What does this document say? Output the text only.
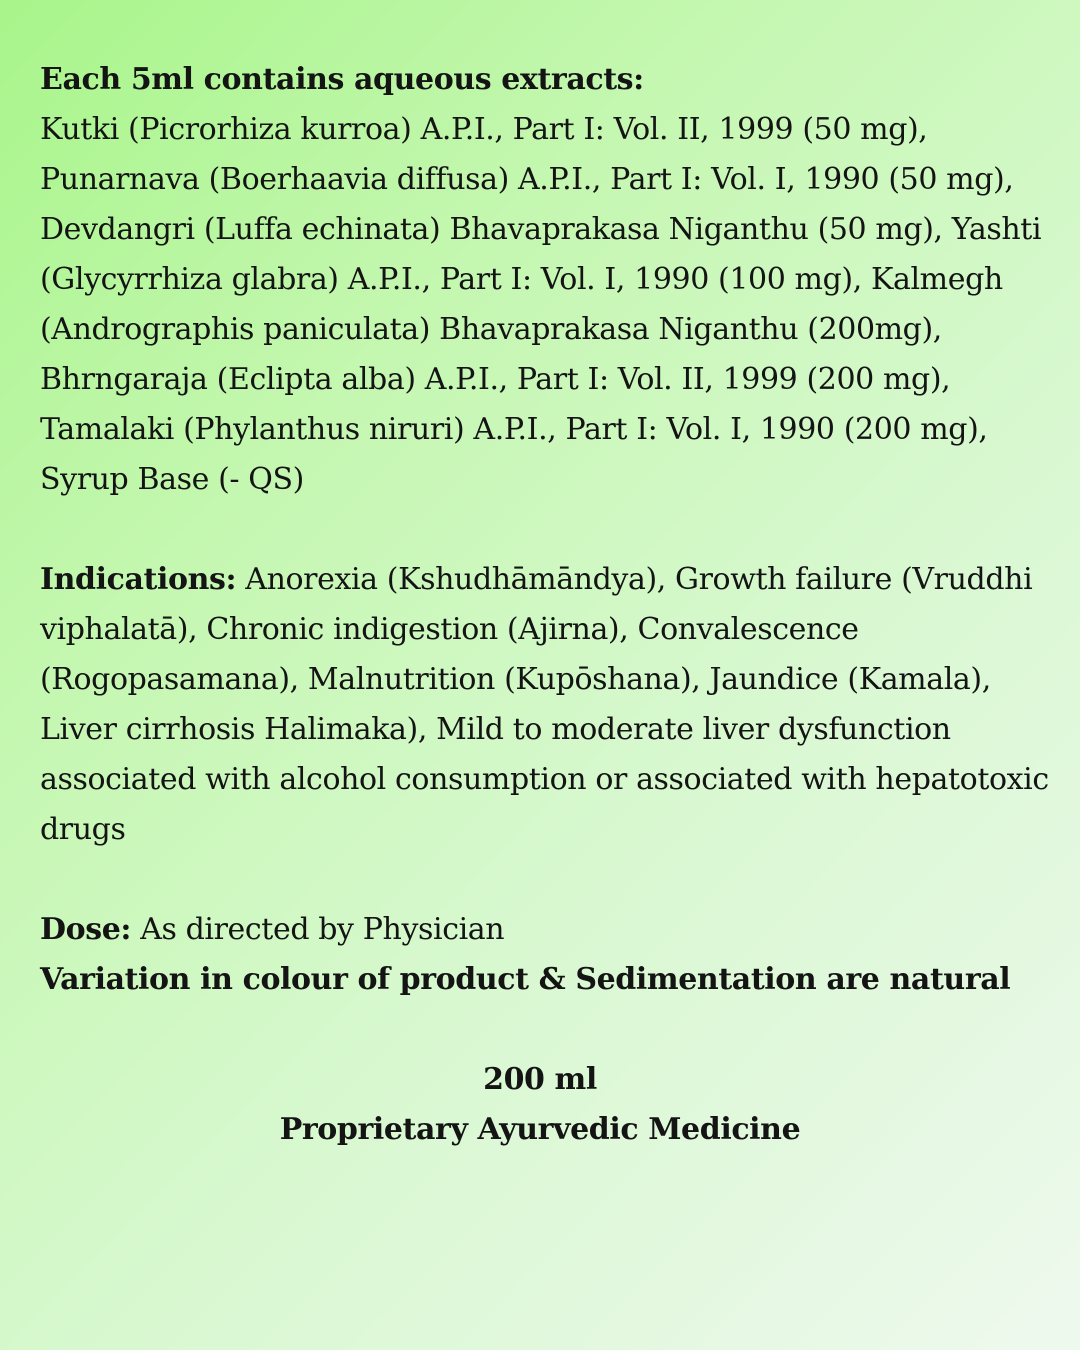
Each 5ml contains aqueous extracts:

Kutki (Picrorhiza kurroa) A.P.I., Part I: Vol. II, 1999 (50 mg), Punarnava (Boerhaavia diffusa) A.P.I., Part I: Vol. I, 1990 (50 mg), Devdangri (Luffa echinata) Bhavaprakasa Niganthu (50 mg), Yashti (Glycyrrhiza glabra) A.P.I., Part I: Vol. I, 1990 (100 mg), Kalmegh (Andrographis paniculata) Bhavaprakasa Niganthu (200mg), Bhrngaraja (Eclipta alba) A.P.I., Part I: Vol. II, 1999 (200 mg), Tamalaki (Phylanthus niruri) A.P.I., Part I: Vol. I, 1990 (200 mg), Syrup Base (- QS)

Indications: Anorexia (Kshudhāmāndya), Growth failure (Vruddhi viphalatā), Chronic indigestion (Ajirna), Convalescence (Rogopasamana), Malnutrition (Kupōshana), Jaundice (Kamala), Liver cirrhosis Halimaka), Mild to moderate liver dysfunction associated with alcohol consumption or associated with hepatotoxic drugs

Dose: As directed by Physician

Variation in colour of product & Sedimentation are natural

200 ml
Proprietary Ayurvedic Medicine
